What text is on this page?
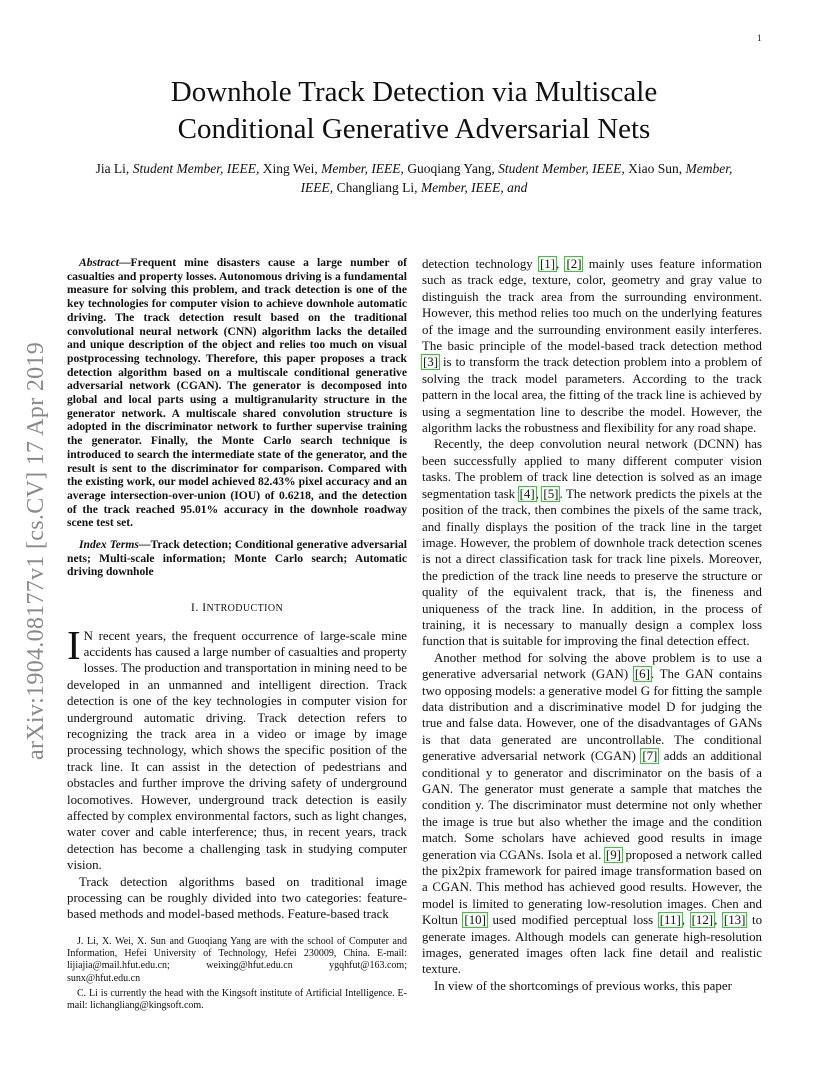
1
arXiv:1904.08177v1 [cs.CV] 17 Apr 2019
Downhole Track Detection via Multiscale Conditional Generative Adversarial Nets
Jia Li, Student Member, IEEE, Xing Wei, Member, IEEE, Guoqiang Yang, Student Member, IEEE, Xiao Sun, Member, IEEE, Changliang Li, Member, IEEE, and

Abstract—Frequent mine disasters cause a large number of casualties and property losses. Autonomous driving is a fundamental measure for solving this problem, and track detection is one of the key technologies for computer vision to achieve downhole automatic driving. The track detection result based on the traditional convolutional neural network (CNN) algorithm lacks the detailed and unique description of the object and relies too much on visual postprocessing technology. Therefore, this paper proposes a track detection algorithm based on a multiscale conditional generative adversarial network (CGAN). The generator is decomposed into global and local parts using a multigranularity structure in the generator network. A multiscale shared convolution structure is adopted in the discriminator network to further supervise training the generator. Finally, the Monte Carlo search technique is introduced to search the intermediate state of the generator, and the result is sent to the discriminator for comparison. Compared with the existing work, our model achieved 82.43% pixel accuracy and an average intersection-over-union (IOU) of 0.6218, and the detection of the track reached 95.01% accuracy in the downhole roadway scene test set.

Index Terms—Track detection; Conditional generative adversarial nets; Multi-scale information; Monte Carlo search; Automatic driving downhole

I. INTRODUCTION

I N recent years, the frequent occurrence of large-scale mine accidents has caused a large number of casualties and property losses. The production and transportation in mining need to be developed in an unmanned and intelligent direction. Track detection is one of the key technologies in computer vision for underground automatic driving. Track detection refers to recognizing the track area in a video or image by image processing technology, which shows the specific position of the track line. It can assist in the detection of pedestrians and obstacles and further improve the driving safety of underground locomotives. However, underground track detection is easily affected by complex environmental factors, such as light changes, water cover and cable interference; thus, in recent years, track detection has become a challenging task in studying computer vision.

Track detection algorithms based on traditional image processing can be roughly divided into two categories: feature-based methods and model-based methods. Feature-based track

J. Li, X. Wei, X. Sun and Guoqiang Yang are with the school of Computer and Information, Hefei University of Technology, Hefei 230009, China. E-mail: lijiajia@mail.hfut.edu.cn; weixing@hfut.edu.cn ygqhfut@163.com; sunx@hfut.edu.cn

C. Li is currently the head with the Kingsoft institute of Artificial Intelligence. E-mail: lichangliang@kingsoft.com.

detection technology [1], [2] mainly uses feature information such as track edge, texture, color, geometry and gray value to distinguish the track area from the surrounding environment. However, this method relies too much on the underlying features of the image and the surrounding environment easily interferes. The basic principle of the model-based track detection method [3] is to transform the track detection problem into a problem of solving the track model parameters. According to the track pattern in the local area, the fitting of the track line is achieved by using a segmentation line to describe the model. However, the algorithm lacks the robustness and flexibility for any road shape.

Recently, the deep convolution neural network (DCNN) has been successfully applied to many different computer vision tasks. The problem of track line detection is solved as an image segmentation task [4], [5]. The network predicts the pixels at the position of the track, then combines the pixels of the same track, and finally displays the position of the track line in the target image. However, the problem of downhole track detection scenes is not a direct classification task for track line pixels. Moreover, the prediction of the track line needs to preserve the structure or quality of the equivalent track, that is, the fineness and uniqueness of the track line. In addition, in the process of training, it is necessary to manually design a complex loss function that is suitable for improving the final detection effect.

Another method for solving the above problem is to use a generative adversarial network (GAN) [6]. The GAN contains two opposing models: a generative model G for fitting the sample data distribution and a discriminative model D for judging the true and false data. However, one of the disadvantages of GANs is that data generated are uncontrollable. The conditional generative adversarial network (CGAN) [7] adds an additional conditional y to generator and discriminator on the basis of a GAN. The generator must generate a sample that matches the condition y. The discriminator must determine not only whether the image is true but also whether the image and the condition match. Some scholars have achieved good results in image generation via CGANs. Isola et al. [9] proposed a network called the pix2pix framework for paired image transformation based on a CGAN. This method has achieved good results. However, the model is limited to generating low-resolution images. Chen and Koltun [10] used modified perceptual loss [11], [12], [13] to generate images. Although models can generate high-resolution images, generated images often lack fine detail and realistic texture.

In view of the shortcomings of previous works, this paper
